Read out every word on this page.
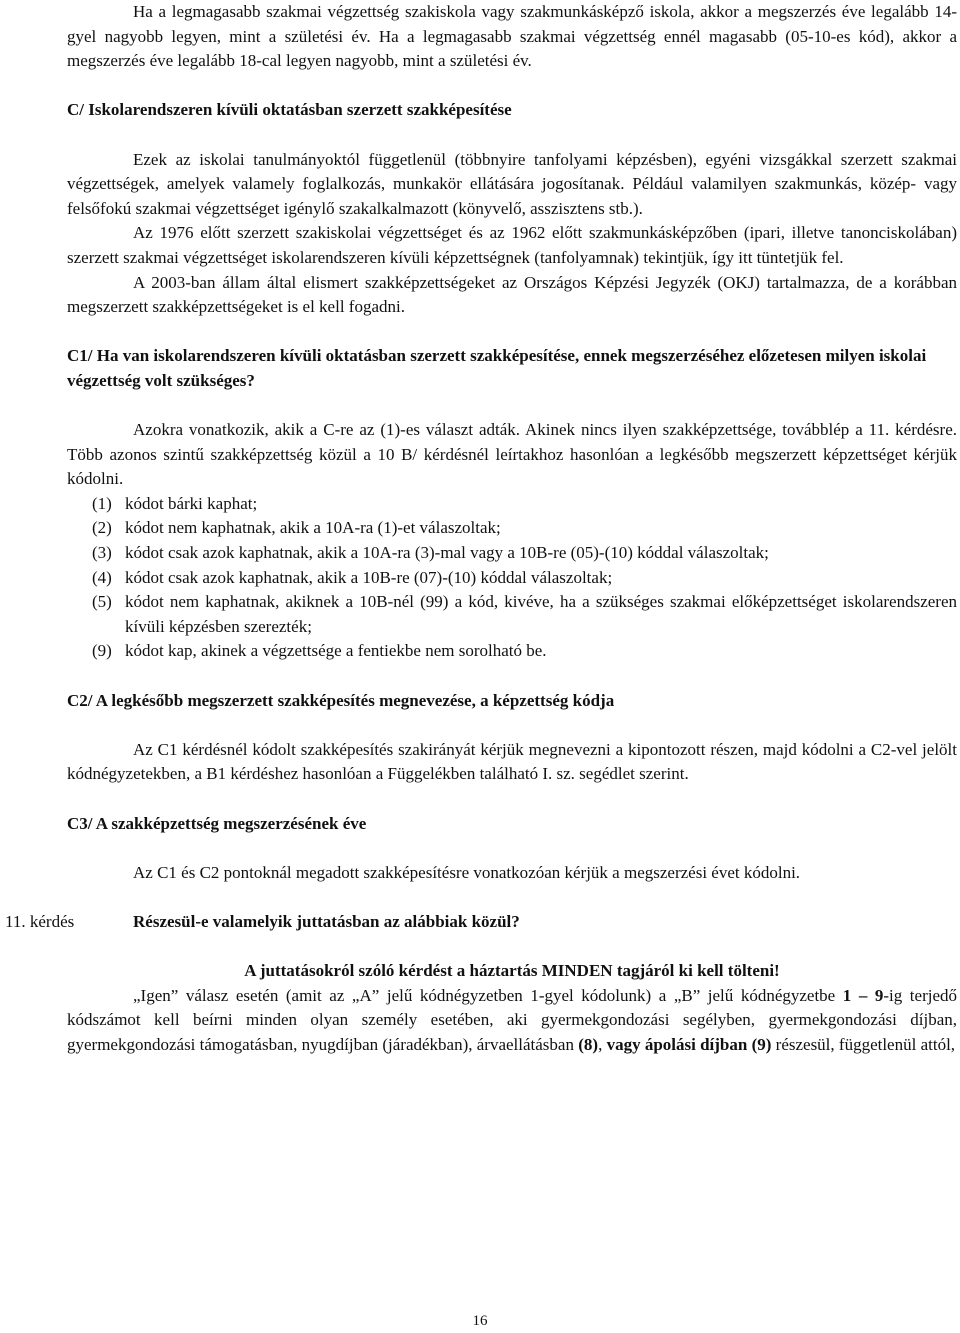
Ha a legmagasabb szakmai végzettség szakiskola vagy szakmunkásképző iskola, akkor a megszerzés éve legalább 14-gyel nagyobb legyen, mint a születési év. Ha a legmagasabb szakmai végzettség ennél magasabb (05-10-es kód), akkor a megszerzés éve legalább 18-cal legyen nagyobb, mint a születési év.

C/ Iskolarendszeren kívüli oktatásban szerzett szakképesítése

Ezek az iskolai tanulmányoktól függetlenül (többnyire tanfolyami képzésben), egyéni vizsgákkal szerzett szakmai végzettségek, amelyek valamely foglalkozás, munkakör ellátására jogosítanak. Például valamilyen szakmunkás, közép- vagy felsőfokú szakmai végzettséget igénylő szakalkalmazott (könyvelő, asszisztens stb.).

Az 1976 előtt szerzett szakiskolai végzettséget és az 1962 előtt szakmunkásképzőben (ipari, illetve tanonciskolában) szerzett szakmai végzettséget iskolarendszeren kívüli képzettségnek (tanfolyamnak) tekintjük, így itt tüntetjük fel.

A 2003-ban állam által elismert szakképzettségeket az Országos Képzési Jegyzék (OKJ) tartalmazza, de a korábban megszerzett szakképzettségeket is el kell fogadni.

C1/ Ha van iskolarendszeren kívüli oktatásban szerzett szakképesítése, ennek megszerzéséhez előzetesen milyen iskolai végzettség volt szükséges?

Azokra vonatkozik, akik a C-re az (1)-es választ adták. Akinek nincs ilyen szakképzettsége, továbblép a 11. kérdésre. Több azonos szintű szakképzettség közül a 10 B/ kérdésnél leírtakhoz hasonlóan a legkésőbb megszerzett képzettséget kérjük kódolni.

(1) kódot bárki kaphat;
(2) kódot nem kaphatnak, akik a 10A-ra (1)-et válaszoltak;
(3) kódot csak azok kaphatnak, akik a 10A-ra (3)-mal vagy a 10B-re (05)-(10) kóddal válaszoltak;
(4) kódot csak azok kaphatnak, akik a 10B-re (07)-(10) kóddal válaszoltak;
(5) kódot nem kaphatnak, akiknek a 10B-nél (99) a kód, kivéve, ha a szükséges szakmai előképzettséget iskolarendszeren kívüli képzésben szerezték;
(9) kódot kap, akinek a végzettsége a fentiekbe nem sorolható be.

C2/ A legkésőbb megszerzett szakképesítés megnevezése, a képzettség kódja

Az C1 kérdésnél kódolt szakképesítés szakirányát kérjük megnevezni a kipontozott részen, majd kódolni a C2-vel jelölt kódnégyzetekben, a B1 kérdéshez hasonlóan a Függelékben található I. sz. segédlet szerint.

C3/ A szakképzettség megszerzésének éve

Az C1 és C2 pontoknál megadott szakképesítésre vonatkozóan kérjük a megszerzési évet kódolni.

11. kérdés	Részesül-e valamelyik juttatásban az alábbiak közül?

A juttatásokról szóló kérdést a háztartás MINDEN tagjáról ki kell tölteni!

„Igen” válasz esetén (amit az „A” jelű kódnégyzetben 1-gyel kódolunk) a „B” jelű kódnégyzetbe 1 – 9-ig terjedő kódszámot kell beírni minden olyan személy esetében, aki gyermekgondozási segélyben, gyermekgondozási díjban, gyermekgondozási támogatásban, nyugdíjban (járadékban), árvaellátásban (8), vagy ápolási díjban (9) részesül, függetlenül attól,

16
